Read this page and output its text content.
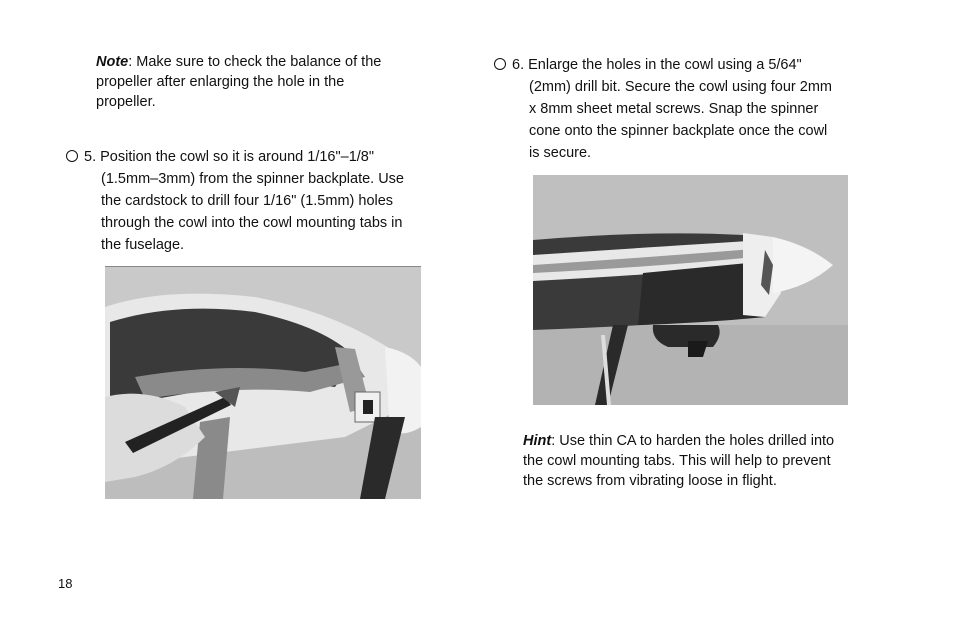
Note: Make sure to check the balance of the propeller after enlarging the hole in the propeller.

5. Position the cowl so it is around 1/16"–1/8"
(1.5mm–3mm) from the spinner backplate. Use the cardstock to drill four 1/16" (1.5mm) holes through the cowl into the cowl mounting tabs in the fuselage.
6. Enlarge the holes in the cowl using a 5/64"
(2mm) drill bit. Secure the cowl using four 2mm x 8mm sheet metal screws. Snap the spinner cone onto the spinner backplate once the cowl is secure.

Hint: Use thin CA to harden the holes drilled into the cowl mounting tabs. This will help to prevent the screws from vibrating loose in flight.

18
